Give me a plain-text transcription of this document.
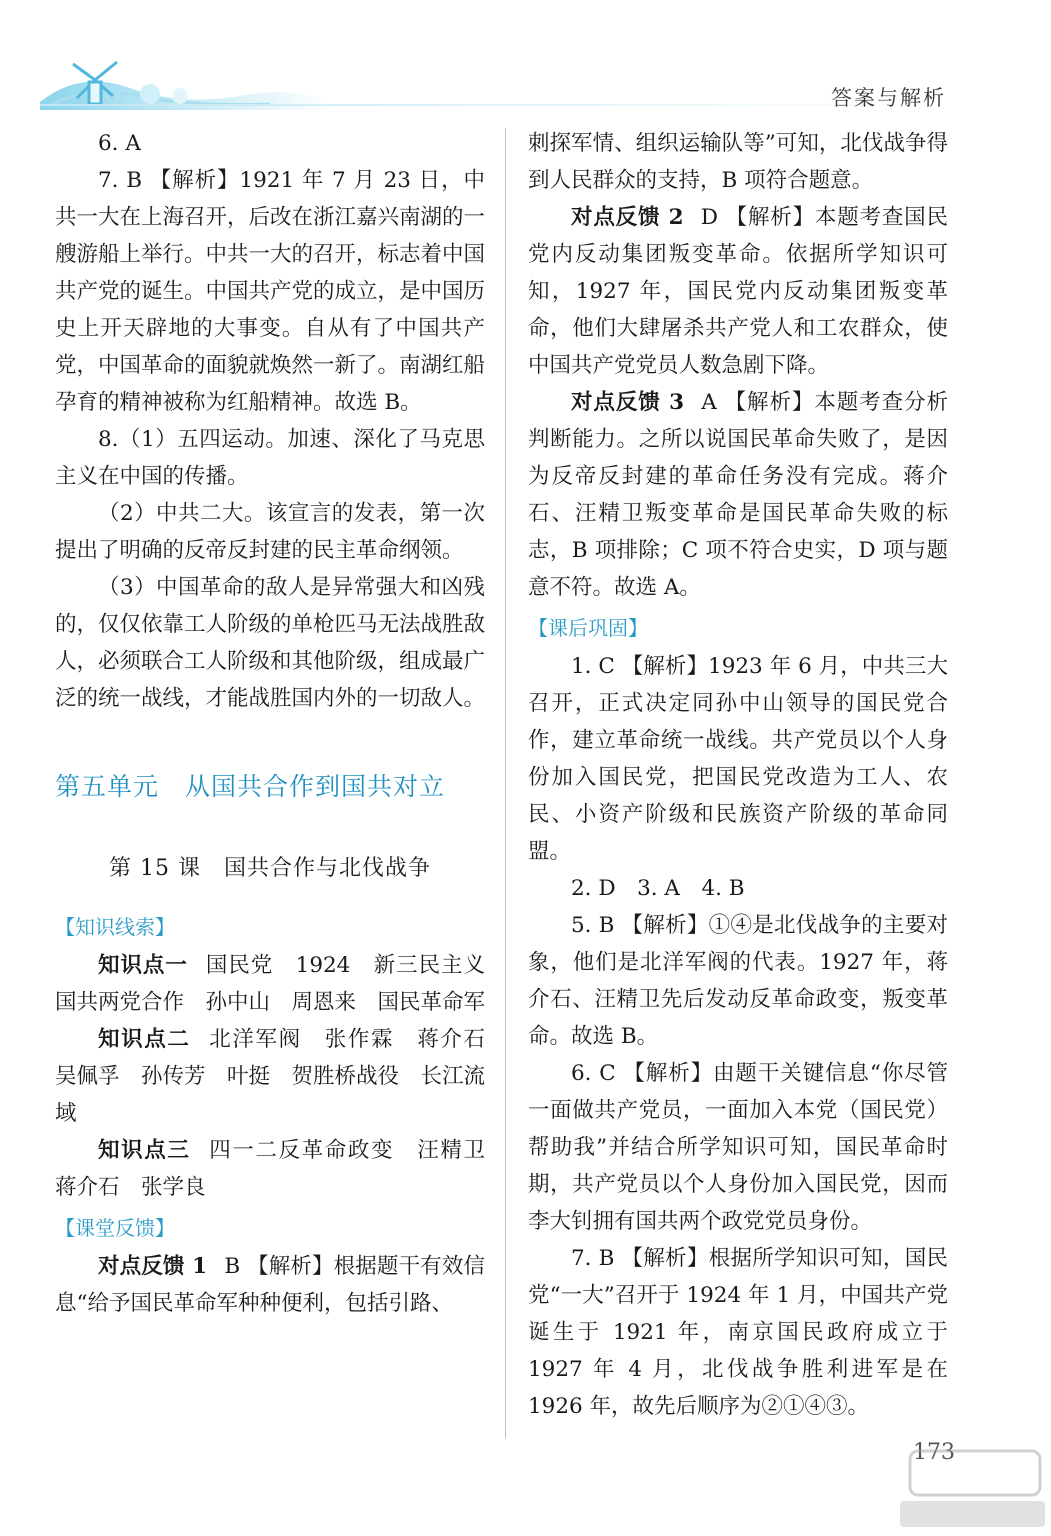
答案与解析

6. A

7. B 【解析】1921 年 7 月 23 日，中共一大在上海召开，后改在浙江嘉兴南湖的一艘游船上举行。中共一大的召开，标志着中国共产党的诞生。中国共产党的成立，是中国历史上开天辟地的大事变。自从有了中国共产党，中国革命的面貌就焕然一新了。南湖红船孕育的精神被称为红船精神。故选 B。

8.（1）五四运动。加速、深化了马克思主义在中国的传播。

（2）中共二大。该宣言的发表，第一次提出了明确的反帝反封建的民主革命纲领。

（3）中国革命的敌人是异常强大和凶残的，仅仅依靠工人阶级的单枪匹马无法战胜敌人，必须联合工人阶级和其他阶级，组成最广泛的统一战线，才能战胜国内外的一切敌人。

第五单元　从国共合作到国共对立
第 15 课　国共合作与北伐战争
【知识线索】

知识点一 国民党　1924　新三民主义　国共两党合作　孙中山　周恩来　国民革命军

知识点二 北洋军阀　张作霖　蒋介石　吴佩孚　孙传芳　叶挺　贺胜桥战役　长江流域

知识点三 四一二反革命政变　汪精卫　蒋介石　张学良

【课堂反馈】

对点反馈 1 B 【解析】根据题干有效信息“给予国民革命军种种便利，包括引路、

刺探军情、组织运输队等”可知，北伐战争得到人民群众的支持，B 项符合题意。

对点反馈 2 D 【解析】本题考查国民党内反动集团叛变革命。依据所学知识可知，1927 年，国民党内反动集团叛变革命，他们大肆屠杀共产党人和工农群众，使中国共产党党员人数急剧下降。

对点反馈 3 A 【解析】本题考查分析判断能力。之所以说国民革命失败了，是因为反帝反封建的革命任务没有完成。蒋介石、汪精卫叛变革命是国民革命失败的标志，B 项排除；C 项不符合史实，D 项与题意不符。故选 A。

【课后巩固】

1. C 【解析】1923 年 6 月，中共三大召开，正式决定同孙中山领导的国民党合作，建立革命统一战线。共产党员以个人身份加入国民党，把国民党改造为工人、农民、小资产阶级和民族资产阶级的革命同盟。

2. D　3. A　4. B

5. B 【解析】①④是北伐战争的主要对象，他们是北洋军阀的代表。1927 年，蒋介石、汪精卫先后发动反革命政变，叛变革命。故选 B。

6. C 【解析】由题干关键信息“你尽管一面做共产党员，一面加入本党（国民党）帮助我”并结合所学知识可知，国民革命时期，共产党员以个人身份加入国民党，因而李大钊拥有国共两个政党党员身份。

7. B 【解析】根据所学知识可知，国民党“一大”召开于 1924 年 1 月，中国共产党诞生于 1921 年，南京国民政府成立于 1927 年 4 月，北伐战争胜利进军是在 1926 年，故先后顺序为②①④③。

173
